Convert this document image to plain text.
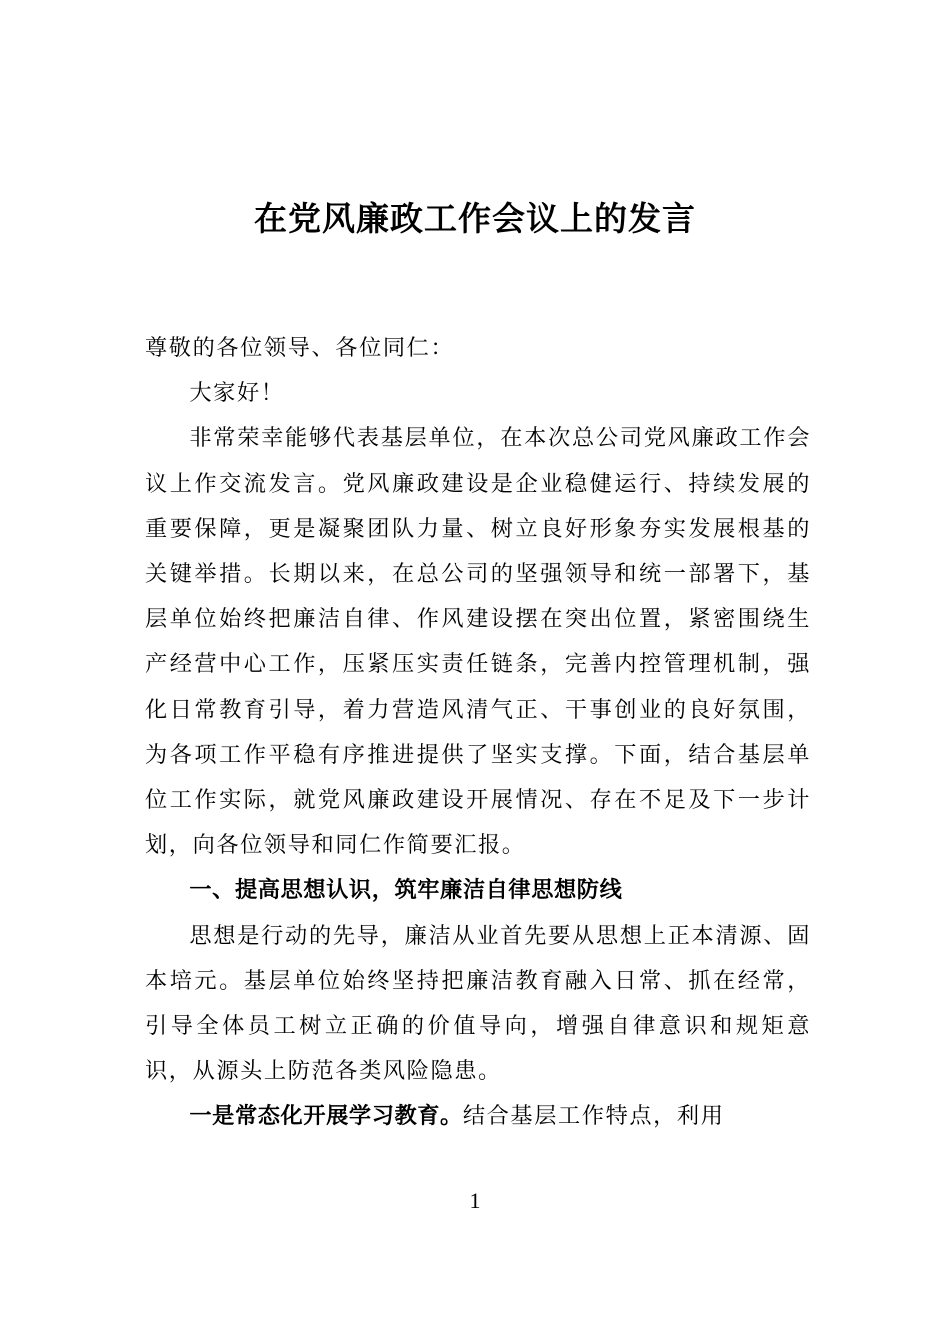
在党风廉政工作会议上的发言

尊敬的各位领导、各位同仁：

大家好！

非常荣幸能够代表基层单位，在本次总公司党风廉政工作会议上作交流发言。党风廉政建设是企业稳健运行、持续发展的重要保障，更是凝聚团队力量、树立良好形象夯实发展根基的关键举措。长期以来，在总公司的坚强领导和统一部署下，基层单位始终把廉洁自律、作风建设摆在突出位置，紧密围绕生产经营中心工作，压紧压实责任链条，完善内控管理机制，强化日常教育引导，着力营造风清气正、干事创业的良好氛围，为各项工作平稳有序推进提供了坚实支撑。下面，结合基层单位工作实际，就党风廉政建设开展情况、存在不足及下一步计划，向各位领导和同仁作简要汇报。

一、提高思想认识，筑牢廉洁自律思想防线

思想是行动的先导，廉洁从业首先要从思想上正本清源、固本培元。基层单位始终坚持把廉洁教育融入日常、抓在经常，引导全体员工树立正确的价值导向，增强自律意识和规矩意识，从源头上防范各类风险隐患。

一是常态化开展学习教育。结合基层工作特点，利用

1
